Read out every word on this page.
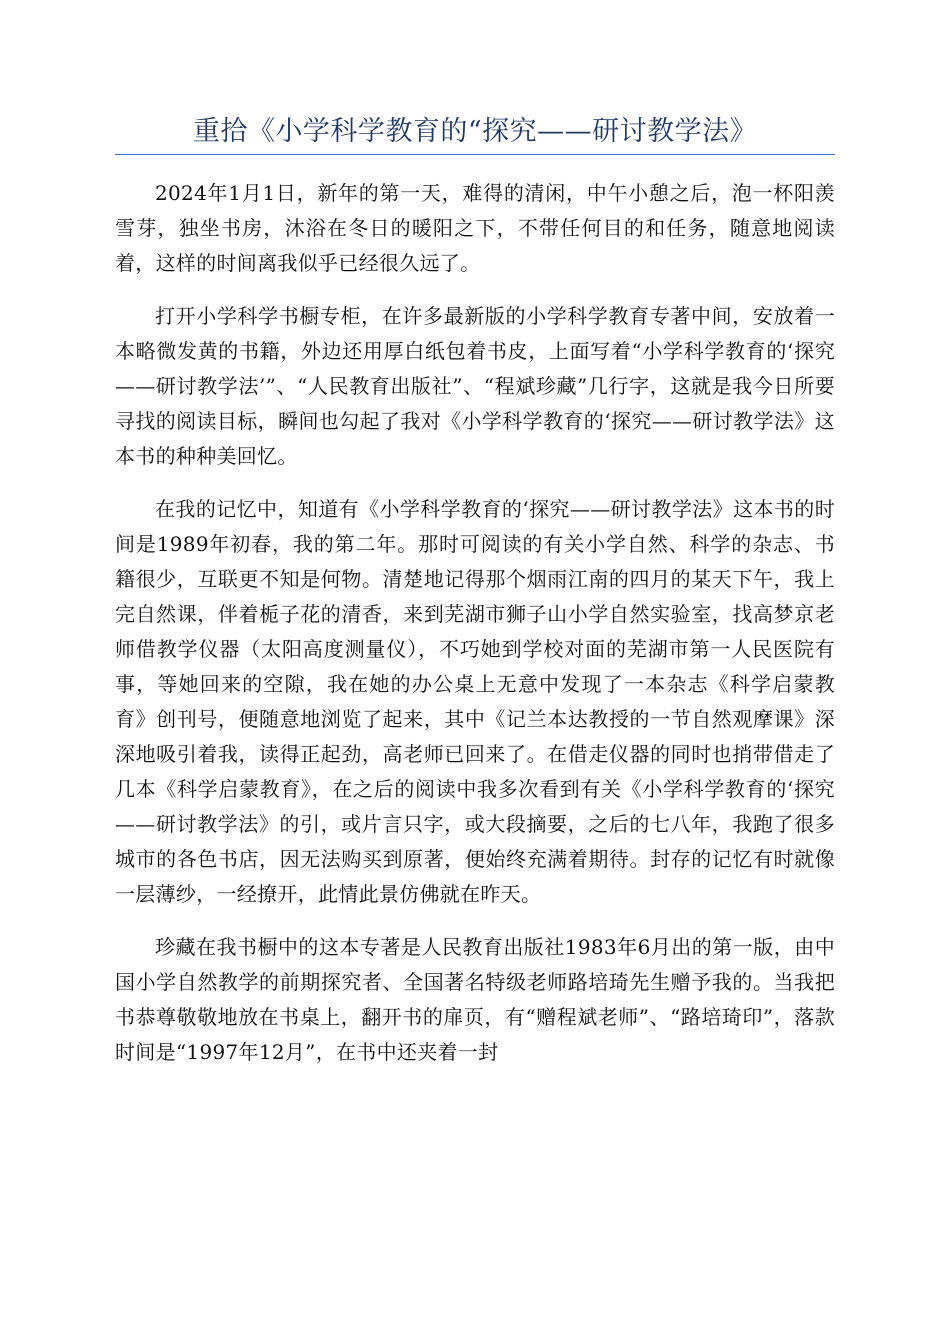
重拾《小学科学教育的“探究——研讨教学法》

2024年1月1日，新年的第一天，难得的清闲，中午小憩之后，泡一杯阳羡雪芽，独坐书房，沐浴在冬日的暖阳之下，不带任何目的和任务，随意地阅读着，这样的时间离我似乎已经很久远了。

打开小学科学书橱专柜，在许多最新版的小学科学教育专著中间，安放着一本略微发黄的书籍，外边还用厚白纸包着书皮，上面写着“小学科学教育的‘探究——研讨教学法’”、“人民教育出版社”、“程斌珍藏”几行字，这就是我今日所要寻找的阅读目标，瞬间也勾起了我对《小学科学教育的‘探究——研讨教学法》这本书的种种美回忆。

在我的记忆中，知道有《小学科学教育的‘探究——研讨教学法》这本书的时间是1989年初春，我的第二年。那时可阅读的有关小学自然、科学的杂志、书籍很少，互联更不知是何物。清楚地记得那个烟雨江南的四月的某天下午，我上完自然课，伴着栀子花的清香，来到芜湖市狮子山小学自然实验室，找高梦京老师借教学仪器（太阳高度测量仪），不巧她到学校对面的芜湖市第一人民医院有事，等她回来的空隙，我在她的办公桌上无意中发现了一本杂志《科学启蒙教育》创刊号，便随意地浏览了起来，其中《记兰本达教授的一节自然观摩课》深深地吸引着我，读得正起劲，高老师已回来了。在借走仪器的同时也捎带借走了几本《科学启蒙教育》，在之后的阅读中我多次看到有关《小学科学教育的‘探究——研讨教学法》的引，或片言只字，或大段摘要，之后的七八年，我跑了很多城市的各色书店，因无法购买到原著，便始终充满着期待。封存的记忆有时就像一层薄纱，一经撩开，此情此景仿佛就在昨天。

珍藏在我书橱中的这本专著是人民教育出版社1983年6月出的第一版，由中国小学自然教学的前期探究者、全国著名特级老师路培琦先生赠予我的。当我把书恭尊敬敬地放在书桌上，翻开书的扉页，有“赠程斌老师”、“路培琦印”，落款时间是“1997年12月”，在书中还夹着一封
